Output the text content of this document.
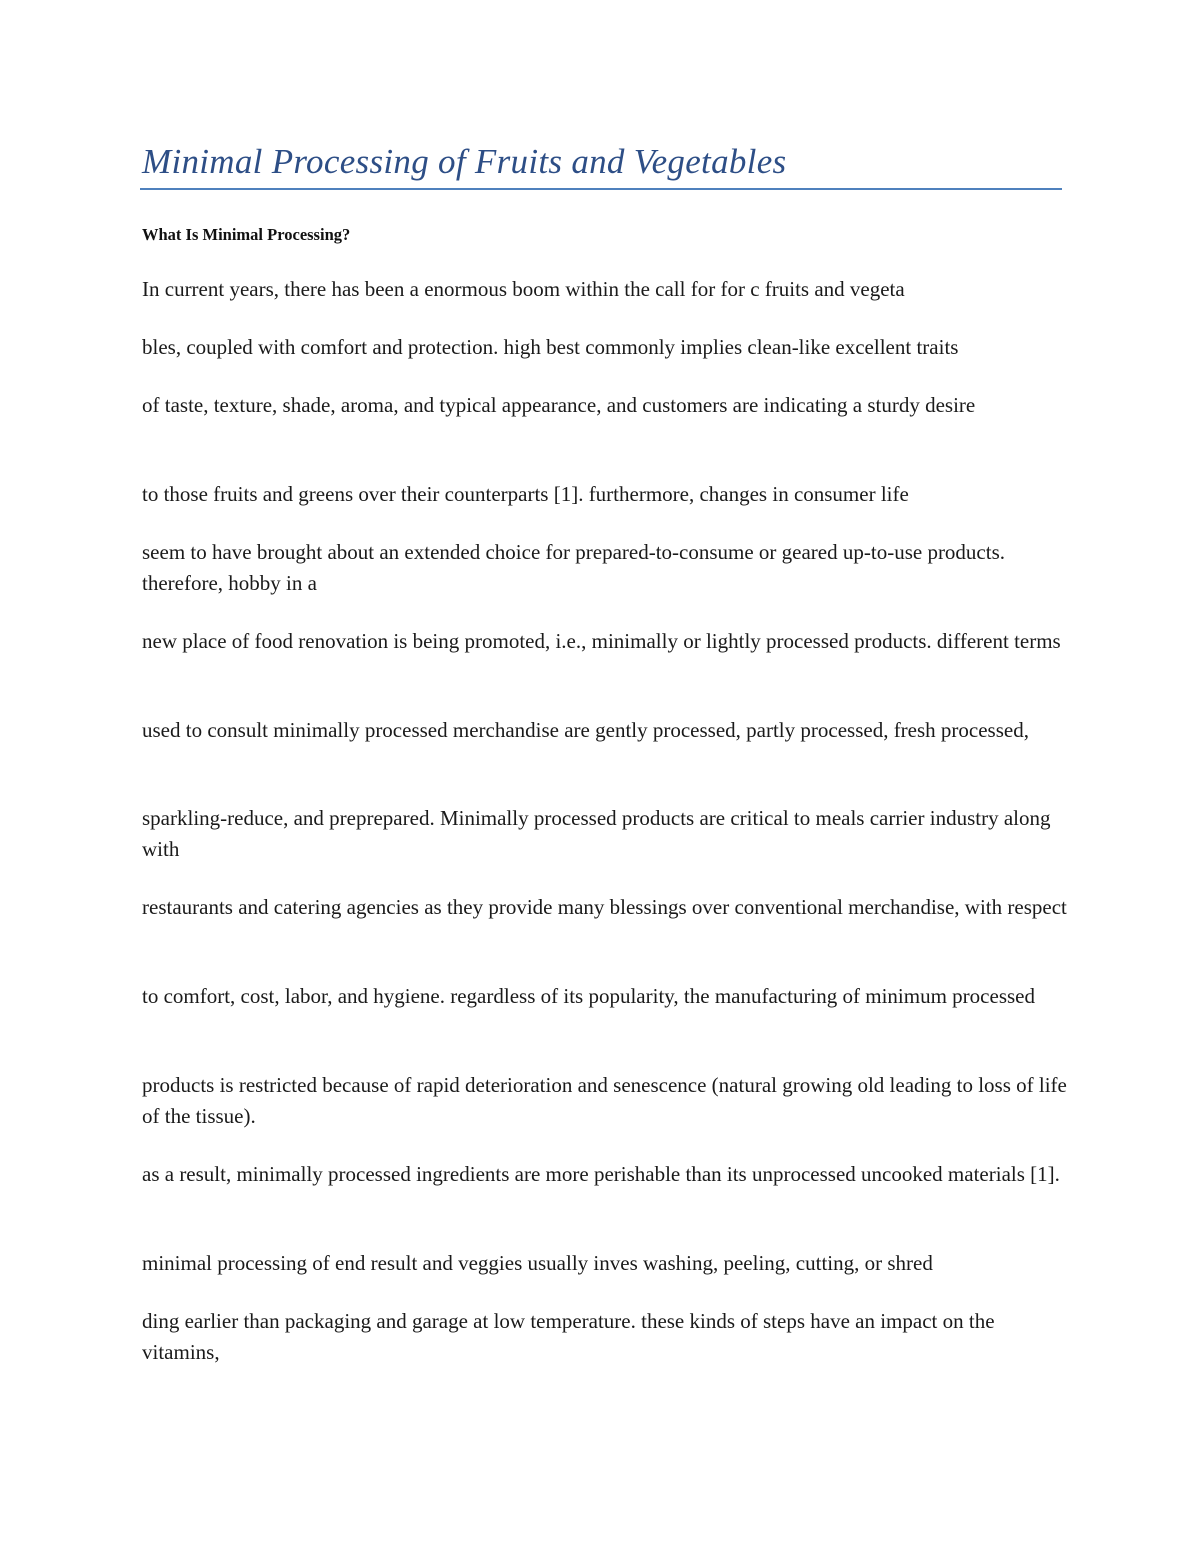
Minimal Processing of Fruits and Vegetables
What Is Minimal Processing?

In current years, there has been a enormous boom within the call for for c fruits and vegeta

bles, coupled with comfort and protection. high best commonly implies clean-like excellent traits

of taste, texture, shade, aroma, and typical appearance, and customers are indicating a sturdy desire

to those fruits and greens over their counterparts [1]. furthermore, changes in consumer life

seem to have brought about an extended choice for prepared-to-consume or geared up-to-use products. therefore, hobby in a

new place of food renovation is being promoted, i.e., minimally or lightly processed products. different terms

used to consult minimally processed merchandise are gently processed, partly processed, fresh processed,

sparkling-reduce, and preprepared. Minimally processed products are critical to meals carrier industry along with

restaurants and catering agencies as they provide many blessings over conventional merchandise, with respect

to comfort, cost, labor, and hygiene. regardless of its popularity, the manufacturing of minimum processed

products is restricted because of rapid deterioration and senescence (natural growing old leading to loss of life of the tissue).

as a result, minimally processed ingredients are more perishable than its unprocessed uncooked materials [1].

minimal processing of end result and veggies usually inves washing, peeling, cutting, or shred

ding earlier than packaging and garage at low temperature. these kinds of steps have an impact on the vitamins,
